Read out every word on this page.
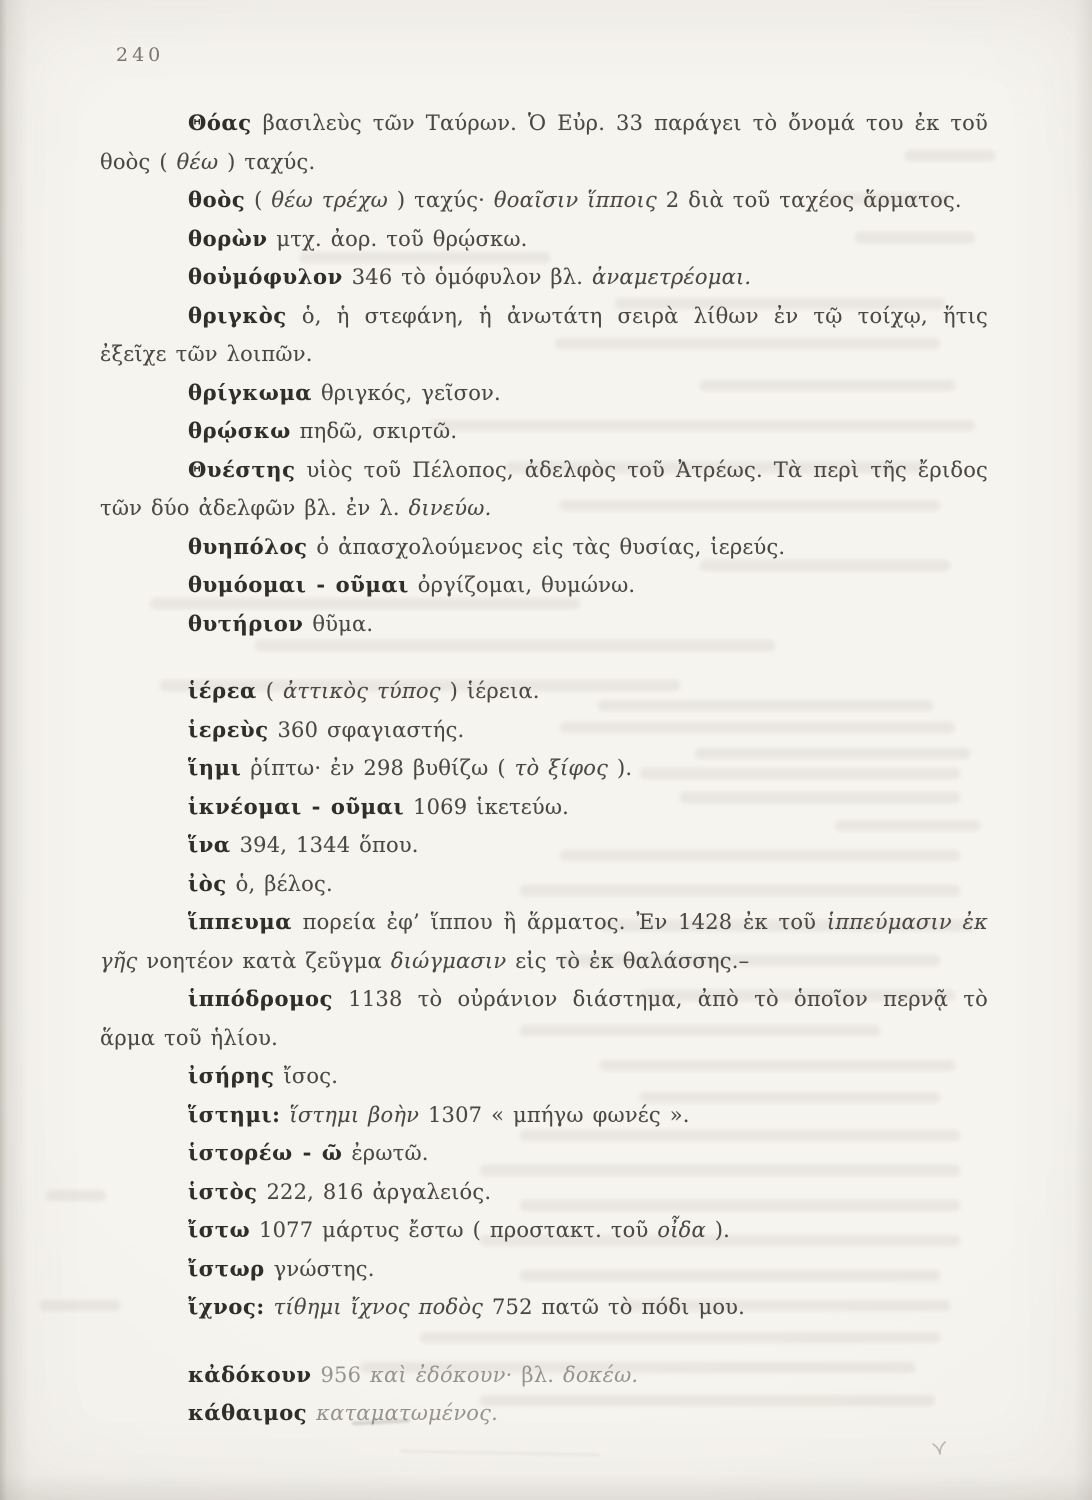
240

Θόας βασιλεὺς τῶν Ταύρων. Ὁ Εὐρ. 33 παράγει τὸ ὄνομά του ἐκ τοῦ θοὸς ( θέω ) ταχύς.

θοὸς ( θέω τρέχω ) ταχύς· θοαῖσιν ἵπποις 2 διὰ τοῦ ταχέος ἅρματος.

θορὼν μτχ. ἀορ. τοῦ θρῴσκω.

θοὐμόφυλον 346 τὸ ὁμόφυλον βλ. ἀναμετρέομαι.

θριγκὸς ὁ, ἡ στεφάνη, ἡ ἀνωτάτη σειρὰ λίθων ἐν τῷ τοίχῳ, ἥτις ἐξεῖχε τῶν λοιπῶν.

θρίγκωμα θριγκός, γεῖσον.

θρῴσκω πηδῶ, σκιρτῶ.

Θυέστης υἱὸς τοῦ Πέλοπος, ἀδελφὸς τοῦ Ἀτρέως. Τὰ περὶ τῆς ἔριδος τῶν δύο ἀδελφῶν βλ. ἐν λ. δινεύω.

θυηπόλος ὁ ἀπασχολούμενος εἰς τὰς θυσίας, ἱερεύς.

θυμόομαι - οῦμαι ὀργίζομαι, θυμώνω.

θυτήριον θῦμα.

ἱέρεα ( ἀττικὸς τύπος ) ἱέρεια.

ἱερεὺς 360 σφαγιαστής.

ἵημι ῥίπτω· ἐν 298 βυθίζω ( τὸ ξίφος ).

ἱκνέομαι - οῦμαι 1069 ἱκετεύω.

ἵνα 394, 1344 ὅπου.

ἰὸς ὁ, βέλος.

ἵππευμα πορεία ἐφ’ ἵππου ἢ ἅρματος. Ἐν 1428 ἐκ τοῦ ἱππεύμασιν ἐκ γῆς νοητέον κατὰ ζεῦγμα διώγμασιν εἰς τὸ ἐκ θαλάσσης.–

ἱππόδρομος 1138 τὸ οὐράνιον διάστημα, ἀπὸ τὸ ὁποῖον περνᾷ τὸ ἅρμα τοῦ ἡλίου.

ἰσήρης ἴσος.

ἵστημι: ἵστημι βοὴν 1307 « μπήγω φωνές ».

ἱστορέω - ῶ ἐρωτῶ.

ἱστὸς 222, 816 ἀργαλειός.

ἴστω 1077 μάρτυς ἔστω ( προστακτ. τοῦ οἶδα ).

ἴστωρ γνώστης.

ἴχνος: τίθημι ἴχνος ποδὸς 752 πατῶ τὸ πόδι μου.

κἀδόκουν 956 καὶ ἐδόκουν· βλ. δοκέω.

κάθαιμος καταματωμένος.
